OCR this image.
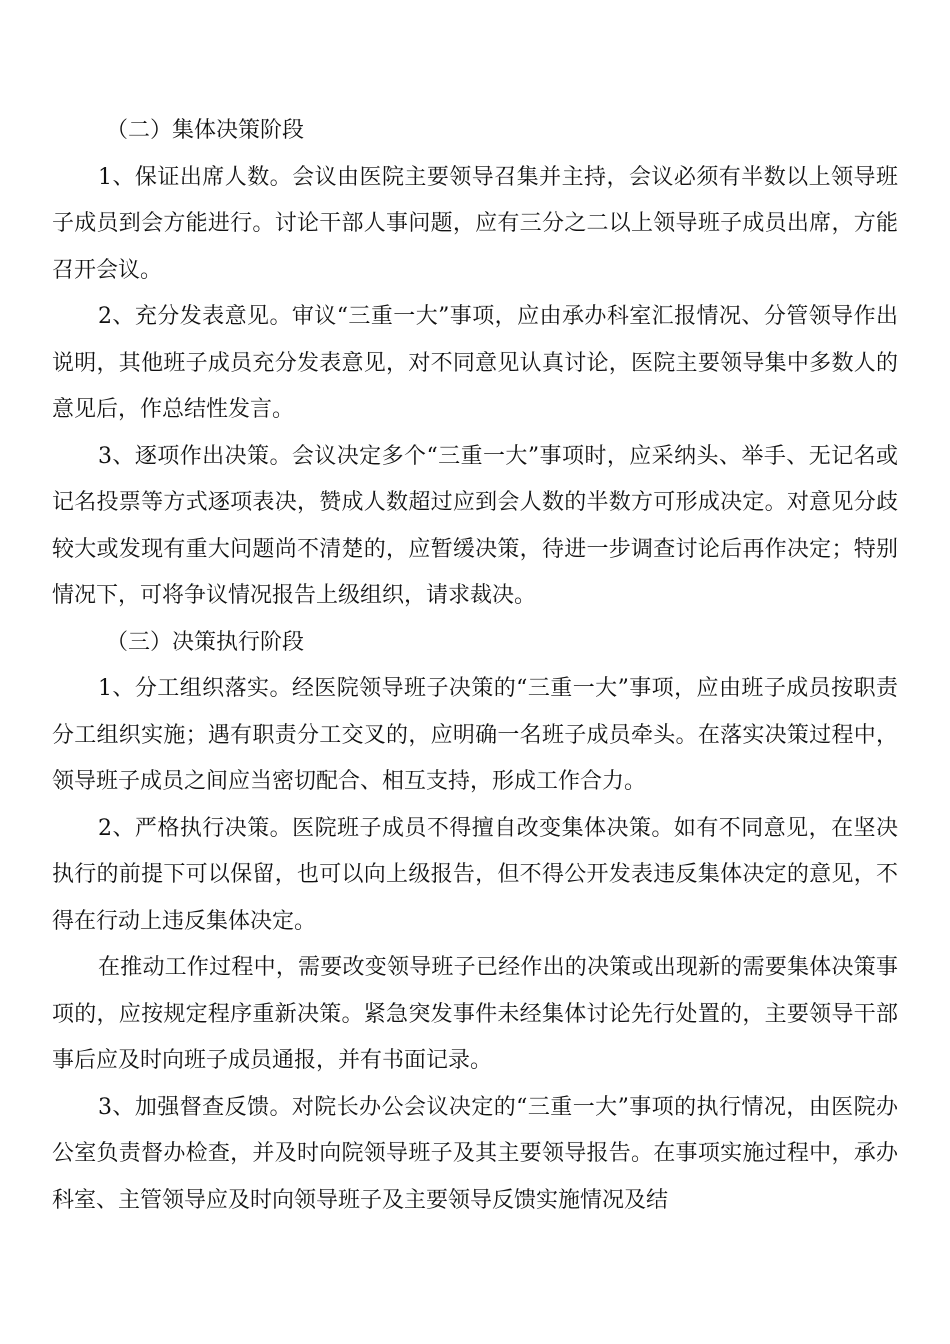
（二）集体决策阶段

1、保证出席人数。会议由医院主要领导召集并主持，会议必须有半数以上领导班子成员到会方能进行。讨论干部人事问题，应有三分之二以上领导班子成员出席，方能召开会议。

2、充分发表意见。审议“三重一大”事项，应由承办科室汇报情况、分管领导作出说明，其他班子成员充分发表意见，对不同意见认真讨论，医院主要领导集中多数人的意见后，作总结性发言。

3、逐项作出决策。会议决定多个“三重一大”事项时，应采纳头、举手、无记名或记名投票等方式逐项表决，赞成人数超过应到会人数的半数方可形成决定。对意见分歧较大或发现有重大问题尚不清楚的，应暂缓决策，待进一步调查讨论后再作决定；特别情况下，可将争议情况报告上级组织，请求裁决。

（三）决策执行阶段

1、分工组织落实。经医院领导班子决策的“三重一大”事项，应由班子成员按职责分工组织实施；遇有职责分工交叉的，应明确一名班子成员牵头。在落实决策过程中，领导班子成员之间应当密切配合、相互支持，形成工作合力。

2、严格执行决策。医院班子成员不得擅自改变集体决策。如有不同意见，在坚决执行的前提下可以保留，也可以向上级报告，但不得公开发表违反集体决定的意见，不得在行动上违反集体决定。

在推动工作过程中，需要改变领导班子已经作出的决策或出现新的需要集体决策事项的，应按规定程序重新决策。紧急突发事件未经集体讨论先行处置的，主要领导干部事后应及时向班子成员通报，并有书面记录。

3、加强督查反馈。对院长办公会议决定的“三重一大”事项的执行情况，由医院办公室负责督办检查，并及时向院领导班子及其主要领导报告。在事项实施过程中，承办科室、主管领导应及时向领导班子及主要领导反馈实施情况及结
